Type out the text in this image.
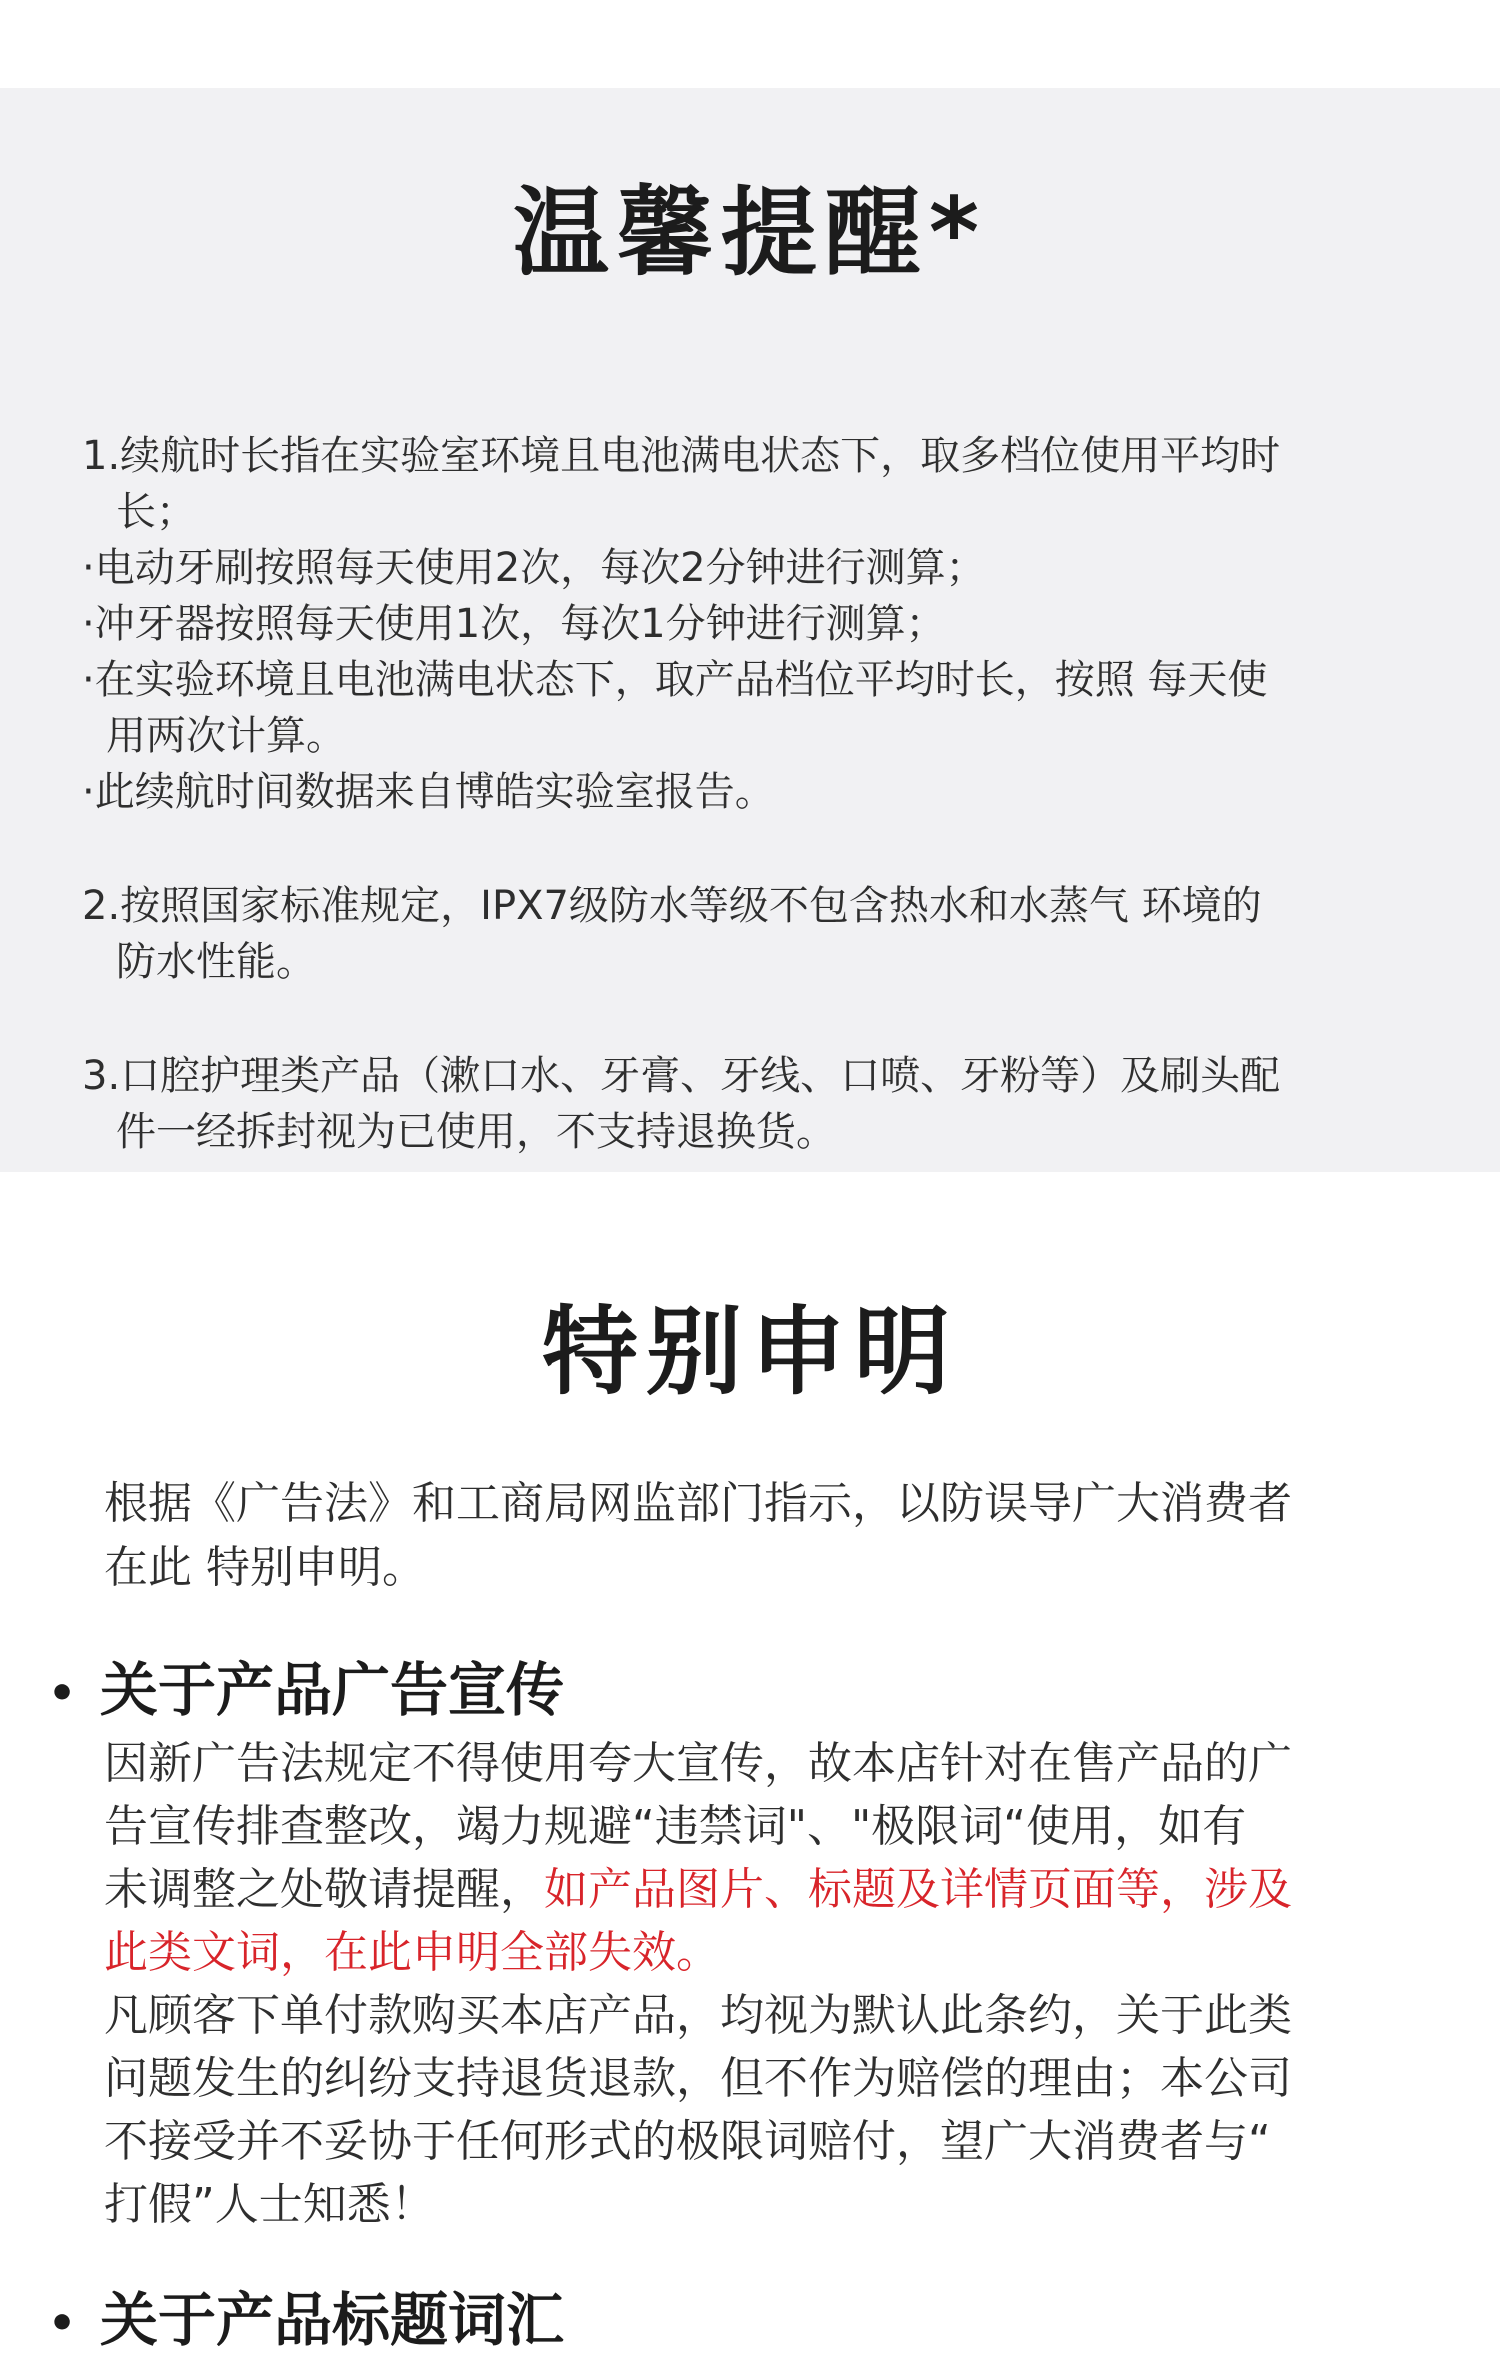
温馨提醒*

1.续航时长指在实验室环境且电池满电状态下，取多档位使用平均时
长；
·电动牙刷按照每天使用2次，每次2分钟进行测算；
·冲牙器按照每天使用1次，每次1分钟进行测算；
·在实验环境且电池满电状态下，取产品档位平均时长，按照 每天使
用两次计算。
·此续航时间数据来自博皓实验室报告。

2.按照国家标准规定，IPX7级防水等级不包含热水和水蒸气 环境的
防水性能。

3.口腔护理类产品（漱口水、牙膏、牙线、口喷、牙粉等）及刷头配
件一经拆封视为已使用，不支持退换货。

特别申明
根据《广告法》和工商局网监部门指示，以防误导广大消费者
在此 特别申明。
• 关于产品广告宣传
因新广告法规定不得使用夸大宣传，故本店针对在售产品的广
告宣传排查整改，竭力规避“违禁词"、"极限词“使用，如有
未调整之处敬请提醒，如产品图片、标题及详情页面等，涉及
此类文词，在此申明全部失效。
凡顾客下单付款购买本店产品，均视为默认此条约，关于此类
问题发生的纠纷支持退货退款，但不作为赔偿的理由；本公司
不接受并不妥协于任何形式的极限词赔付，望广大消费者与“
打假”人士知悉！
• 关于产品标题词汇
